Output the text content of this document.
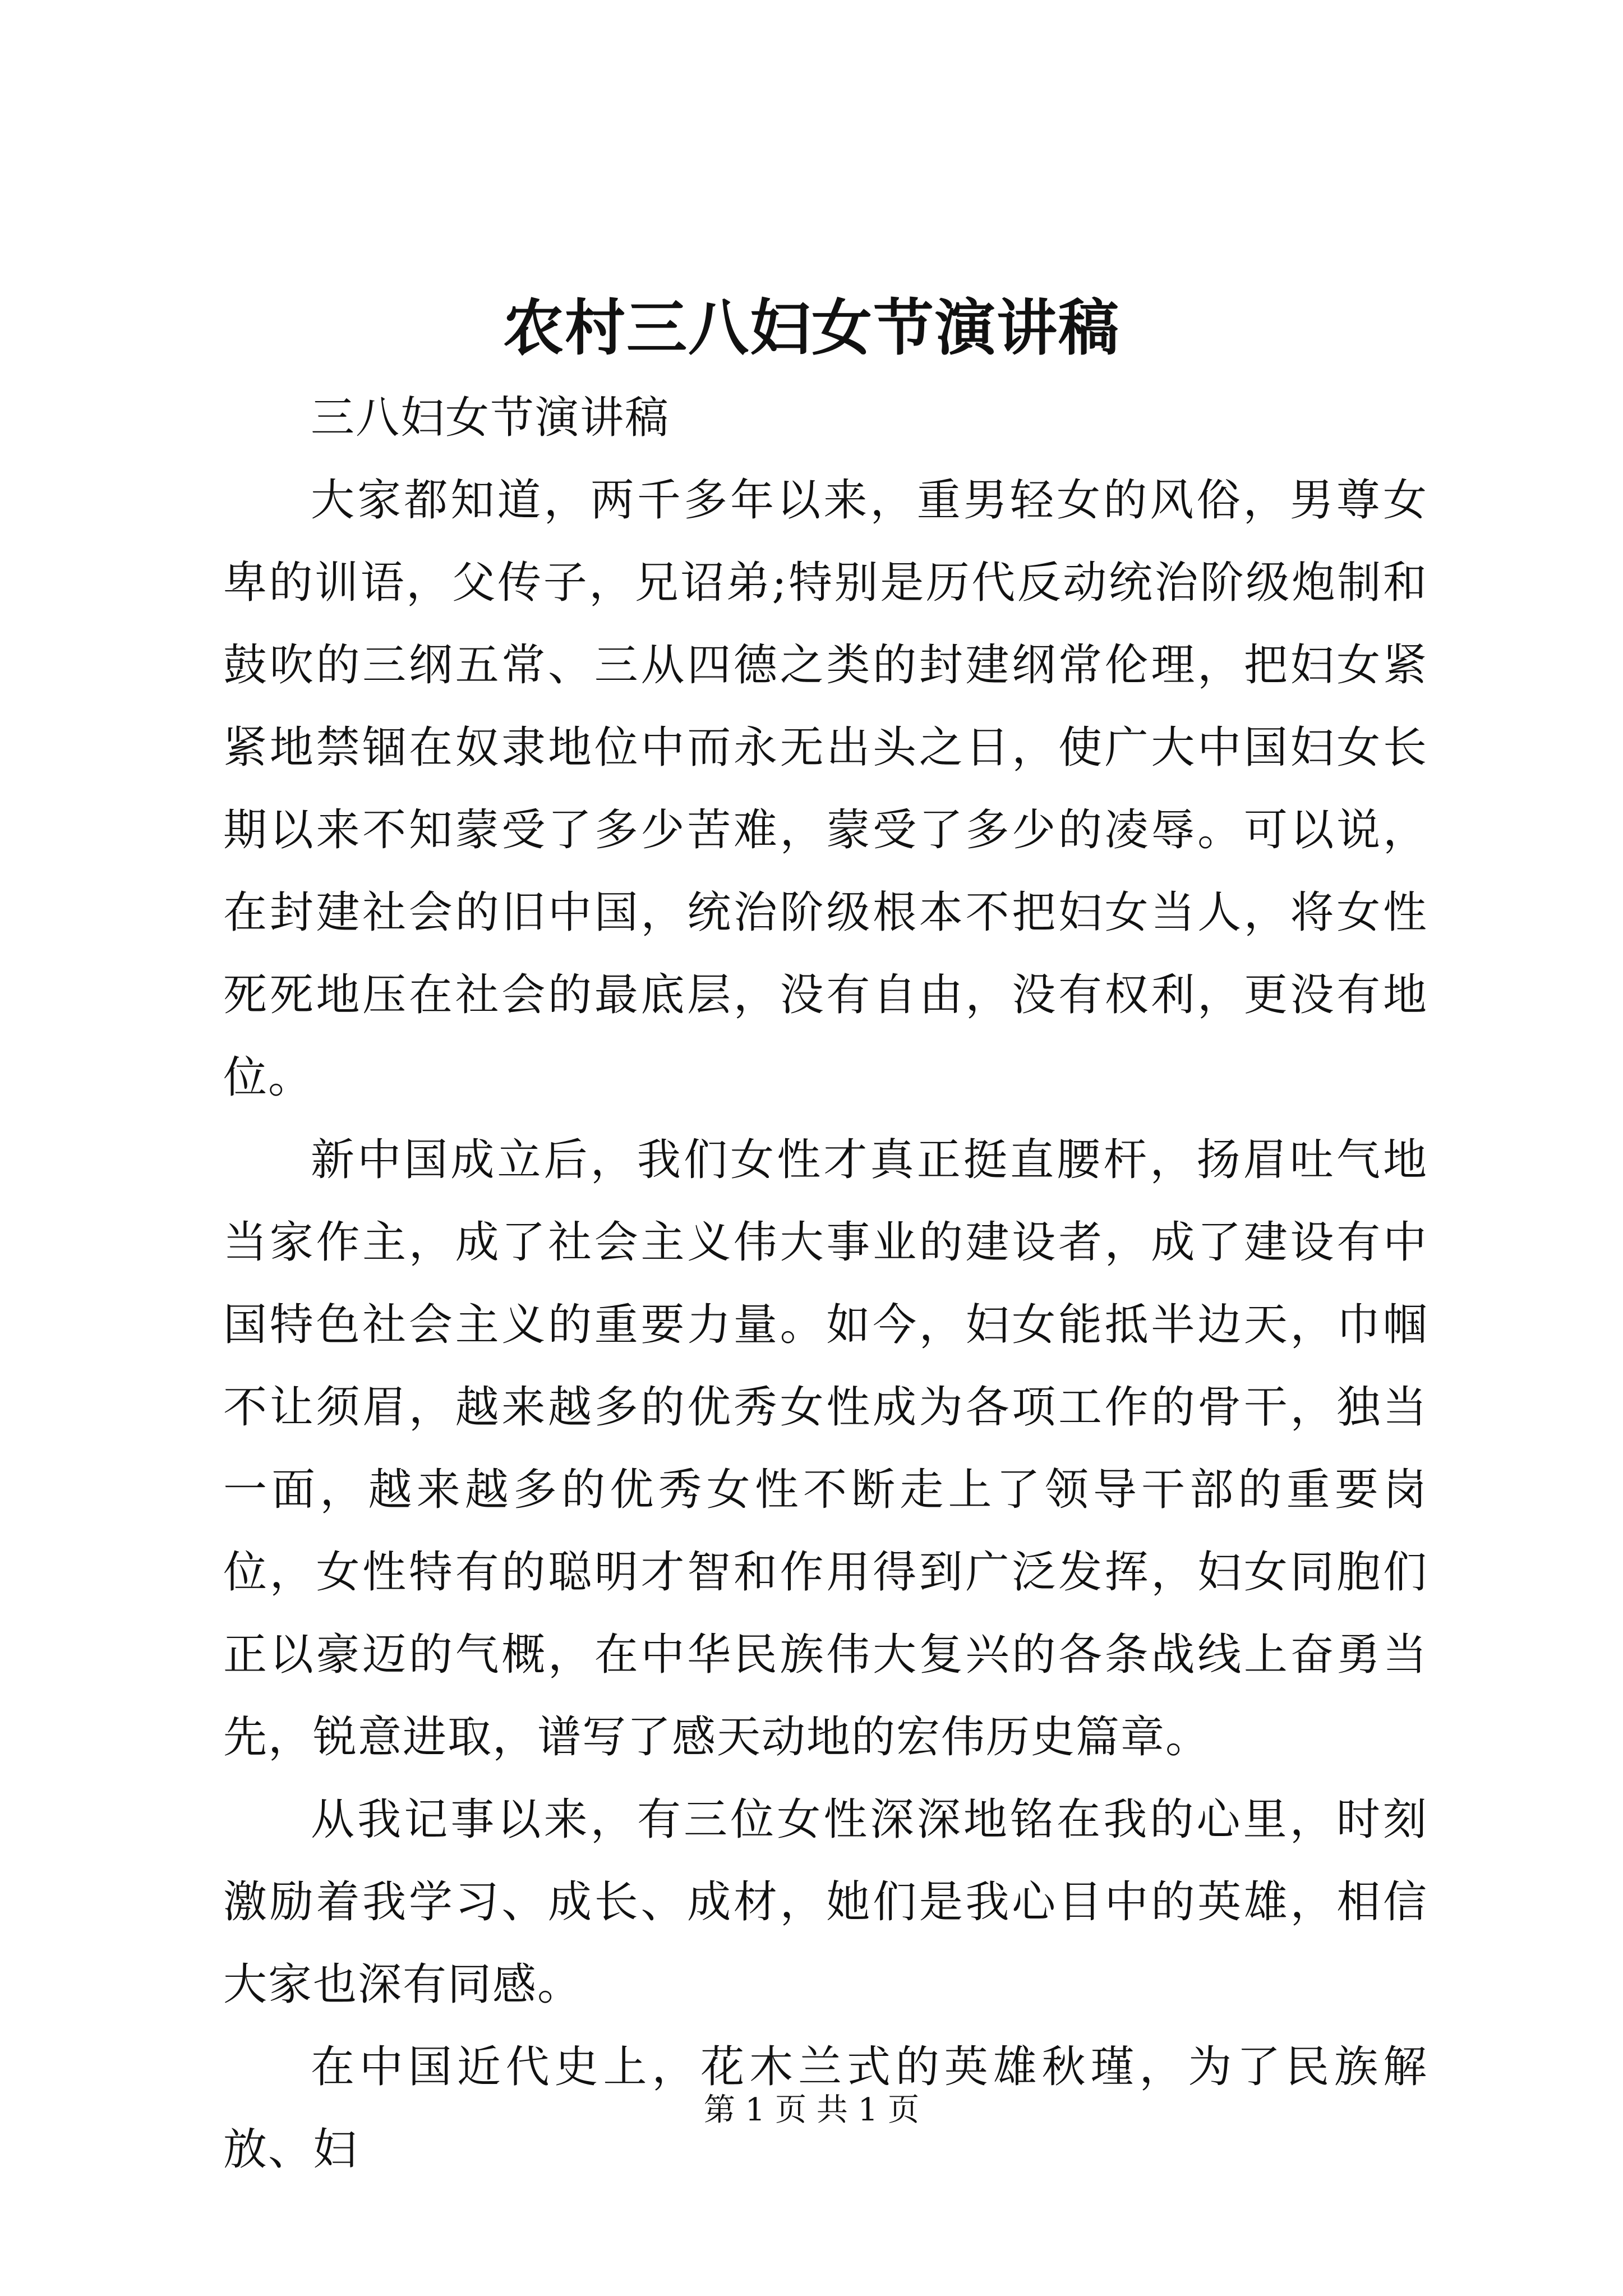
农村三八妇女节演讲稿

三八妇女节演讲稿

大家都知道，两千多年以来，重男轻女的风俗，男尊女卑的训语，父传子，兄诏弟;特别是历代反动统治阶级炮制和鼓吹的三纲五常、三从四德之类的封建纲常伦理，把妇女紧紧地禁锢在奴隶地位中而永无出头之日，使广大中国妇女长期以来不知蒙受了多少苦难，蒙受了多少的凌辱。可以说，在封建社会的旧中国，统治阶级根本不把妇女当人，将女性死死地压在社会的最底层，没有自由，没有权利，更没有地位。

新中国成立后，我们女性才真正挺直腰杆，扬眉吐气地当家作主，成了社会主义伟大事业的建设者，成了建设有中国特色社会主义的重要力量。如今，妇女能抵半边天，巾帼不让须眉，越来越多的优秀女性成为各项工作的骨干，独当一面，越来越多的优秀女性不断走上了领导干部的重要岗位，女性特有的聪明才智和作用得到广泛发挥，妇女同胞们正以豪迈的气概，在中华民族伟大复兴的各条战线上奋勇当先，锐意进取，谱写了感天动地的宏伟历史篇章。

从我记事以来，有三位女性深深地铭在我的心里，时刻激励着我学习、成长、成材，她们是我心目中的英雄，相信大家也深有同感。

在中国近代史上，花木兰式的英雄秋瑾，为了民族解放、妇

第 1 页 共 1 页
